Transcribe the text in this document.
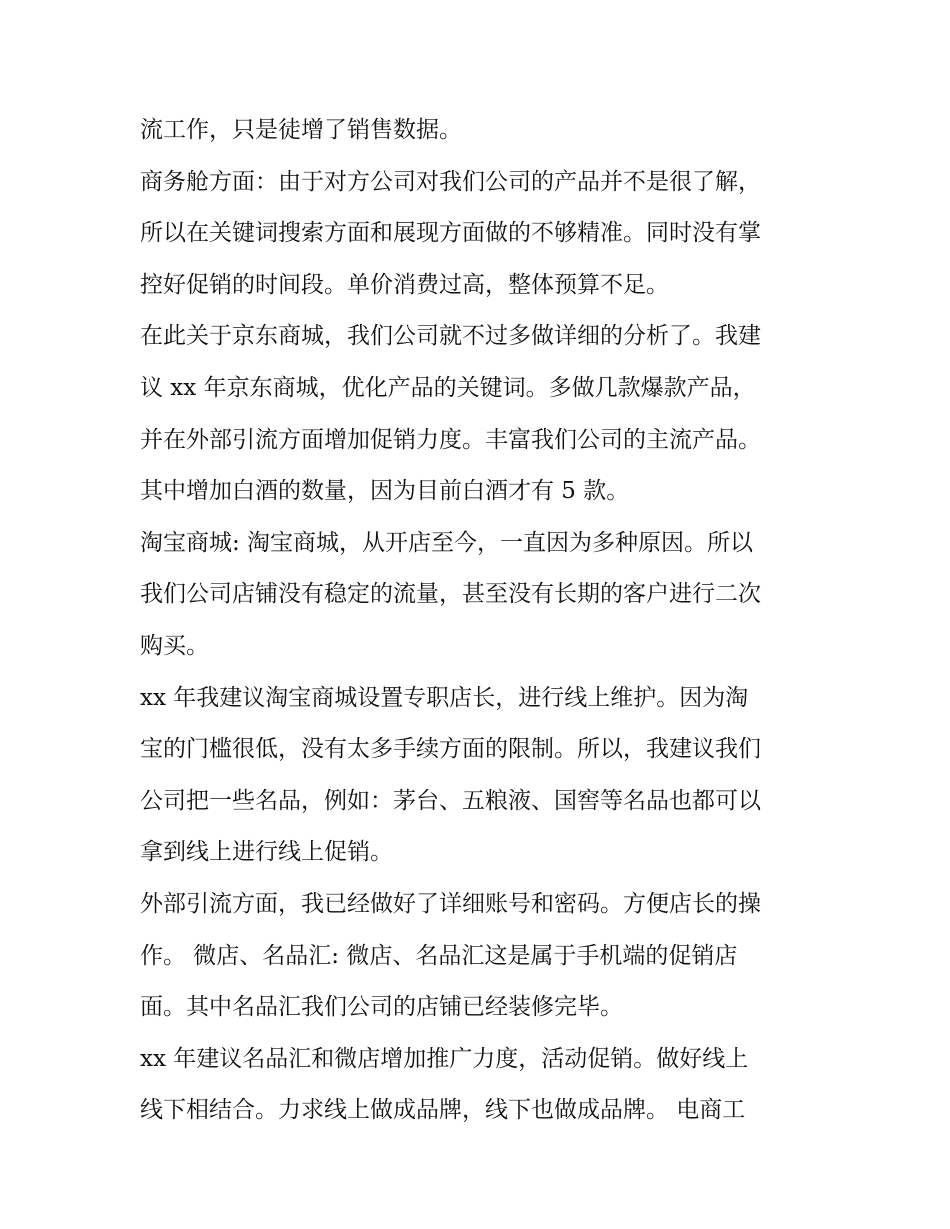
流工作，只是徒增了销售数据。
商务舱方面：由于对方公司对我们公司的产品并不是很了解，
所以在关键词搜索方面和展现方面做的不够精准。同时没有掌
控好促销的时间段。单价消费过高，整体预算不足。
在此关于京东商城，我们公司就不过多做详细的分析了。我建
议 xx 年京东商城，优化产品的关键词。多做几款爆款产品，
并在外部引流方面增加促销力度。丰富我们公司的主流产品。
其中增加白酒的数量，因为目前白酒才有 5 款。
淘宝商城: 淘宝商城，从开店至今，一直因为多种原因。所以
我们公司店铺没有稳定的流量，甚至没有长期的客户进行二次
购买。
xx 年我建议淘宝商城设置专职店长，进行线上维护。因为淘
宝的门槛很低，没有太多手续方面的限制。所以，我建议我们
公司把一些名品，例如：茅台、五粮液、国窖等名品也都可以
拿到线上进行线上促销。
外部引流方面，我已经做好了详细账号和密码。方便店长的操
作。 微店、名品汇: 微店、名品汇这是属于手机端的促销店
面。其中名品汇我们公司的店铺已经装修完毕。
xx 年建议名品汇和微店增加推广力度，活动促销。做好线上
线下相结合。力求线上做成品牌，线下也做成品牌。 电商工
